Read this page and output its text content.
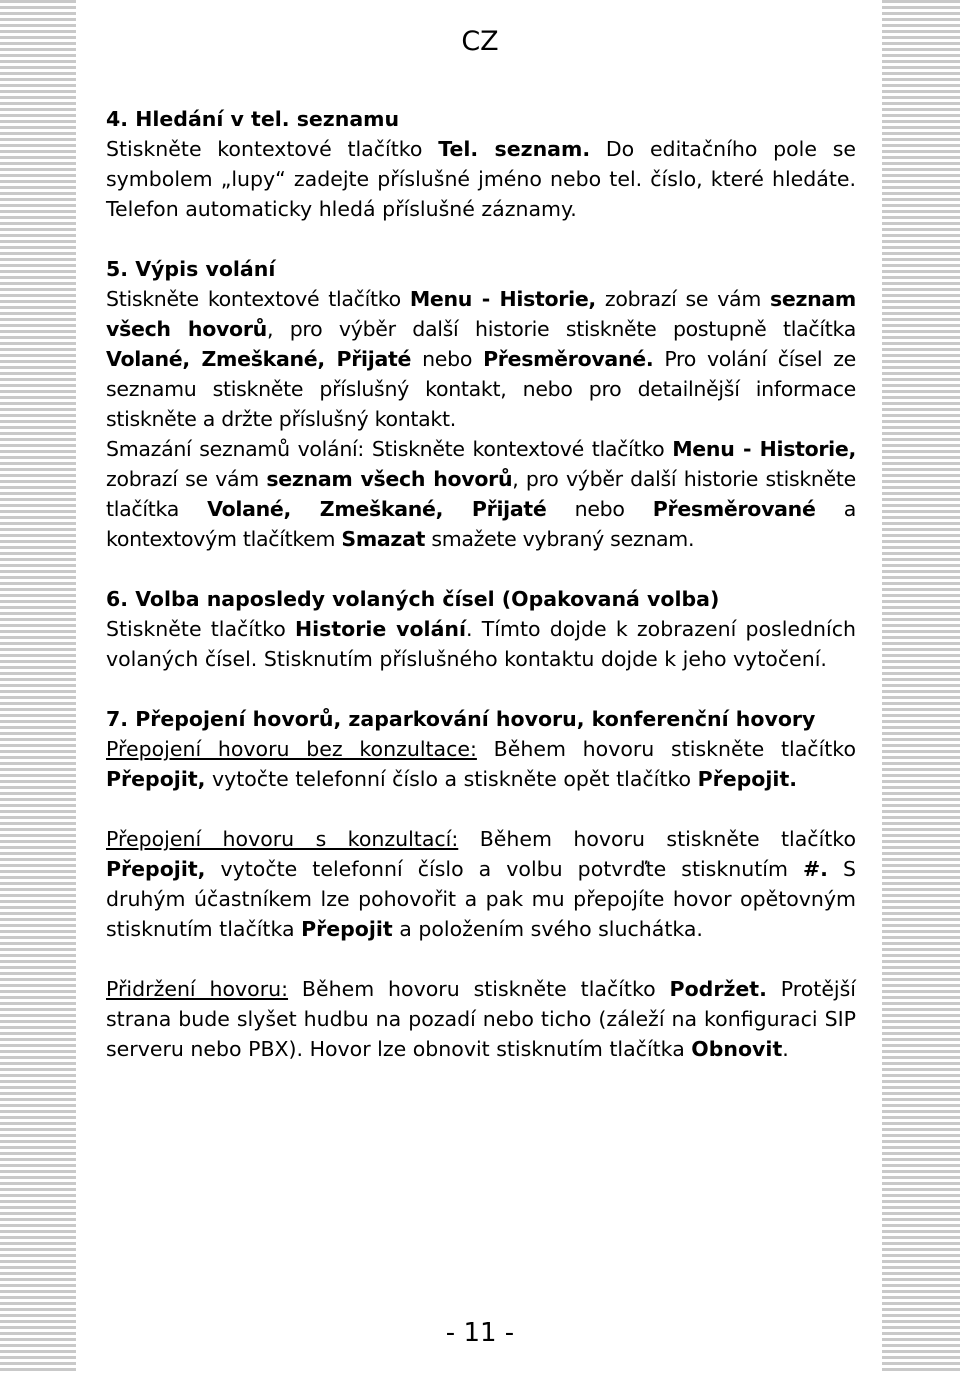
CZ

4. Hledání v tel. seznamu

Stiskněte kontextové tlačítko Tel. seznam. Do editačního pole se symbolem „lupy“ zadejte příslušné jméno nebo tel. číslo, které hledáte. Telefon automaticky hledá příslušné záznamy.

5. Výpis volání

Stiskněte kontextové tlačítko Menu - Historie, zobrazí se vám seznam všech hovorů, pro výběr další historie stiskněte postupně tlačítka Volané, Zmeškané, Přijaté nebo Přesměrované. Pro volání čísel ze seznamu stiskněte příslušný kontakt, nebo pro detailnější informace stiskněte a držte příslušný kontakt.

Smazání seznamů volání: Stiskněte kontextové tlačítko Menu - Historie, zobrazí se vám seznam všech hovorů, pro výběr další historie stiskněte tlačítka Volané, Zmeškané, Přijaté nebo Přesměrované a kontextovým tlačítkem Smazat smažete vybraný seznam.

6. Volba naposledy volaných čísel (Opakovaná volba)

Stiskněte tlačítko Historie volání. Tímto dojde k zobrazení posledních volaných čísel. Stisknutím příslušného kontaktu dojde k jeho vytočení.

7. Přepojení hovorů, zaparkování hovoru, konferenční hovory

Přepojení hovoru bez konzultace: Během hovoru stiskněte tlačítko Přepojit, vytočte telefonní číslo a stiskněte opět tlačítko Přepojit.

Přepojení hovoru s konzultací: Během hovoru stiskněte tlačítko Přepojit, vytočte telefonní číslo a volbu potvrďte stisknutím #. S druhým účastníkem lze pohovořit a pak mu přepojíte hovor opětovným stisknutím tlačítka Přepojit a položením svého sluchátka.

Přidržení hovoru: Během hovoru stiskněte tlačítko Podržet. Protější strana bude slyšet hudbu na pozadí nebo ticho (záleží na konfiguraci SIP serveru nebo PBX). Hovor lze obnovit stisknutím tlačítka Obnovit.

- 11 -
